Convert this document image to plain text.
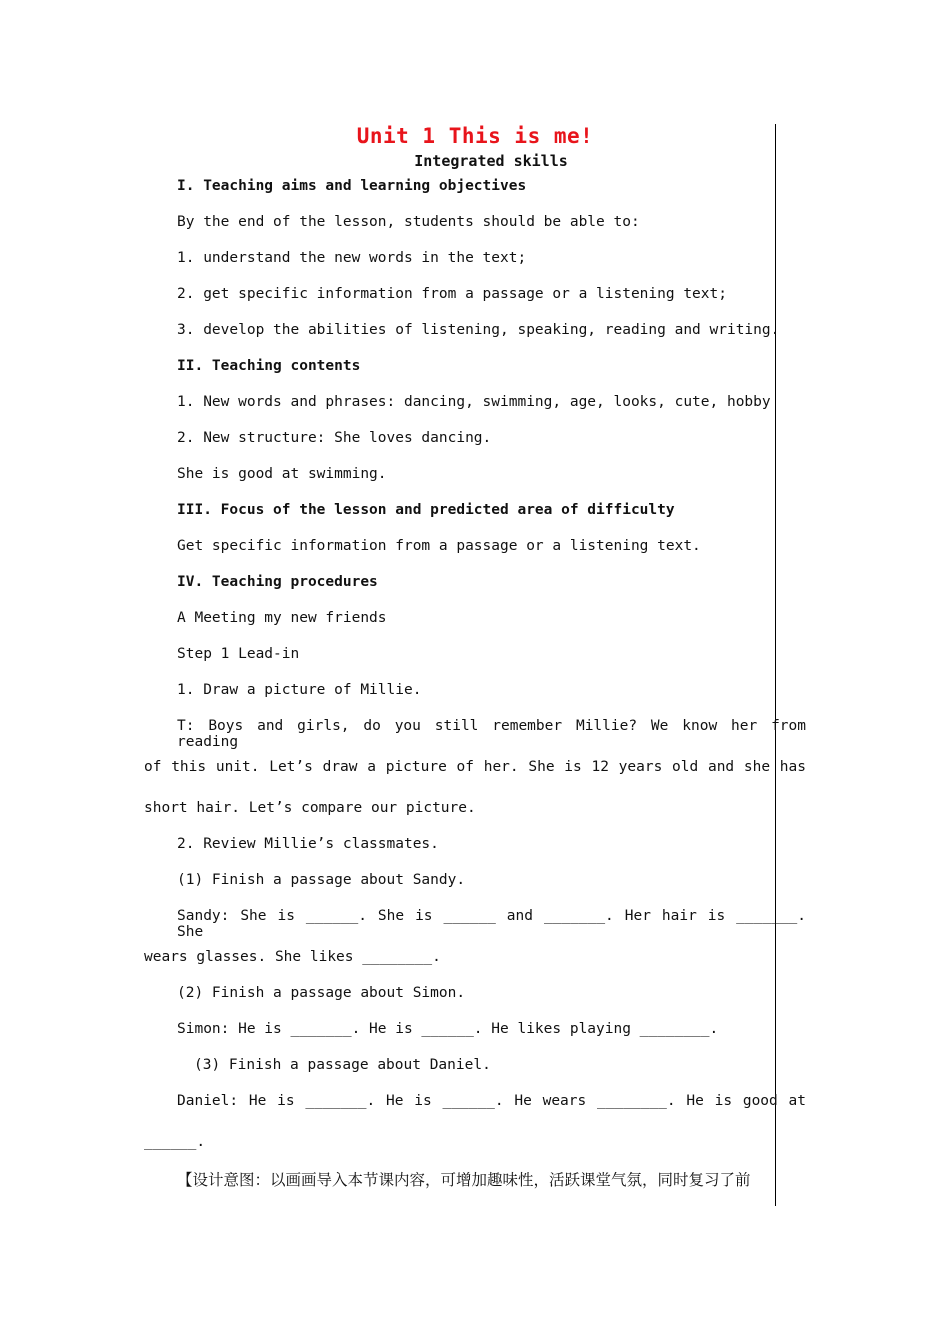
Unit 1 This is me!
Integrated skills
I. Teaching aims and learning objectives
By the end of the lesson, students should be able to:
1. understand the new words in the text;
2. get specific information from a passage or a listening text;
3. develop the abilities of listening, speaking, reading and writing.
II. Teaching contents
1. New words and phrases: dancing, swimming, age, looks, cute, hobby
2. New structure: She loves dancing.
She is good at swimming.
III. Focus of the lesson and predicted area of difficulty
Get specific information from a passage or a listening text.
IV. Teaching procedures
A Meeting my new friends
Step 1 Lead-in
1. Draw a picture of Millie.
T: Boys and girls, do you still remember Millie? We know her from reading
of this unit. Let’s draw a picture of her. She is 12 years old and she has
short hair. Let’s compare our picture.
2. Review Millie’s classmates.
(1) Finish a passage about Sandy.
Sandy: She is ______. She is ______ and _______. Her hair is _______. She
wears glasses. She likes ________.
(2) Finish a passage about Simon.
Simon: He is _______. He is ______. He likes playing ________.
(3) Finish a passage about Daniel.
Daniel: He is _______. He is ______. He wears ________. He is good at
______.
【设计意图：以画画导入本节课内容，可增加趣味性，活跃课堂气氛，同时复习了前
